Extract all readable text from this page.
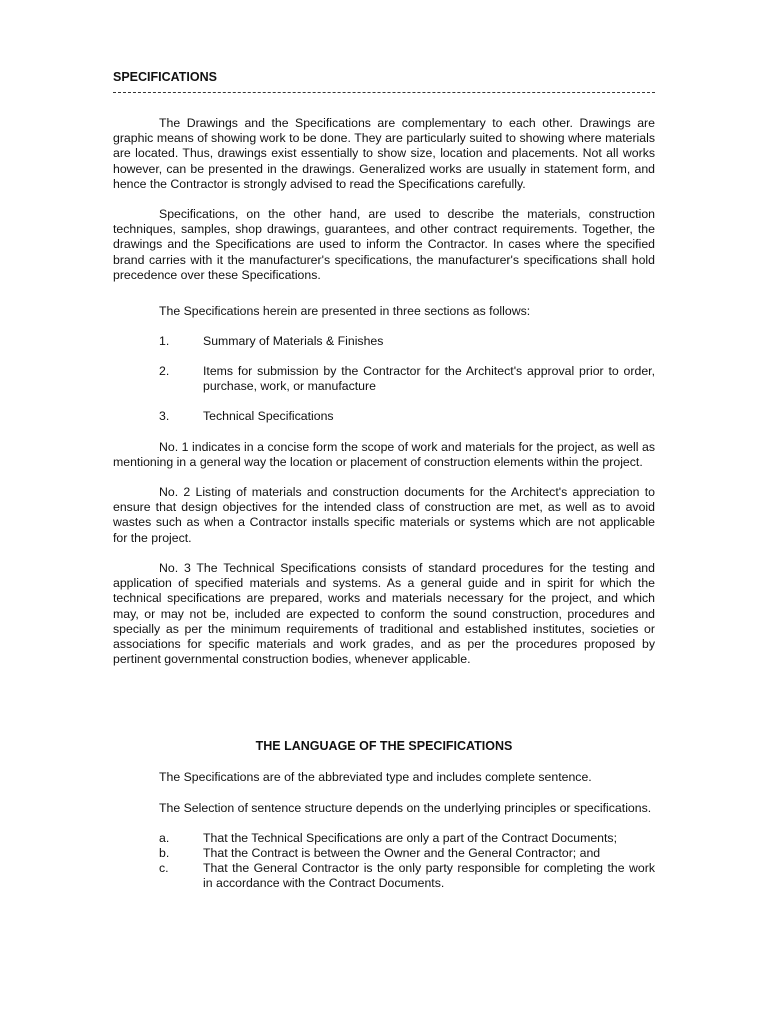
SPECIFICATIONS

The Drawings and the Specifications are complementary to each other. Drawings are graphic means of showing work to be done. They are particularly suited to showing where materials are located. Thus, drawings exist essentially to show size, location and placements. Not all works however, can be presented in the drawings. Generalized works are usually in statement form, and hence the Contractor is strongly advised to read the Specifications carefully.

Specifications, on the other hand, are used to describe the materials, construction techniques, samples, shop drawings, guarantees, and other contract requirements. Together, the drawings and the Specifications are used to inform the Contractor. In cases where the specified brand carries with it the manufacturer's specifications, the manufacturer's specifications shall hold precedence over these Specifications.

The Specifications herein are presented in three sections as follows:

1.	Summary of Materials & Finishes
2.	Items for submission by the Contractor for the Architect's approval prior to order, purchase, work, or manufacture
3.	Technical Specifications

No. 1 indicates in a concise form the scope of work and materials for the project, as well as mentioning in a general way the location or placement of construction elements within the project.

No. 2 Listing of materials and construction documents for the Architect's appreciation to ensure that design objectives for the intended class of construction are met, as well as to avoid wastes such as when a Contractor installs specific materials or systems which are not applicable for the project.

No. 3 The Technical Specifications consists of standard procedures for the testing and application of specified materials and systems. As a general guide and in spirit for which the technical specifications are prepared, works and materials necessary for the project, and which may, or may not be, included are expected to conform the sound construction, procedures and specially as per the minimum requirements of traditional and established institutes, societies or associations for specific materials and work grades, and as per the procedures proposed by pertinent governmental construction bodies, whenever applicable.

THE LANGUAGE OF THE SPECIFICATIONS

The Specifications are of the abbreviated type and includes complete sentence.

The Selection of sentence structure depends on the underlying principles or specifications.

a.	That the Technical Specifications are only a part of the Contract Documents;
b.	That the Contract is between the Owner and the General Contractor; and
c.	That the General Contractor is the only party responsible for completing the work in accordance with the Contract Documents.
